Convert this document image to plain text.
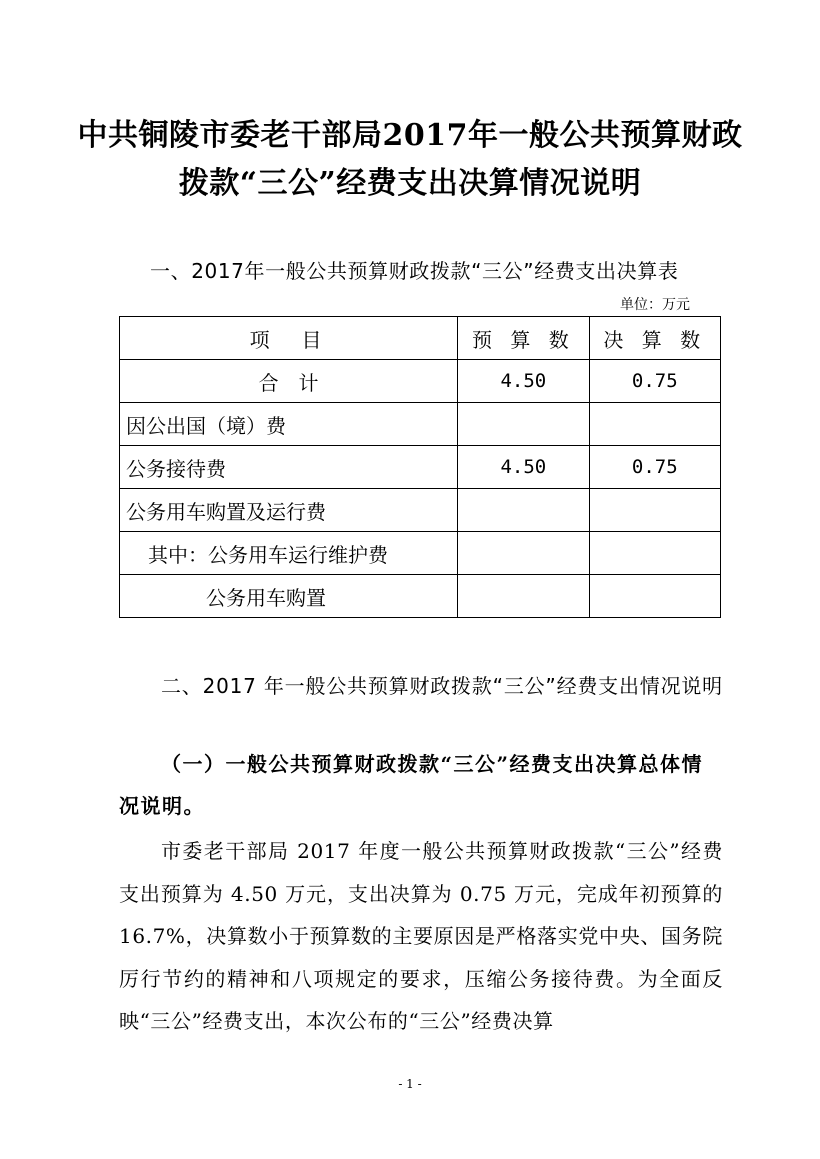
中共铜陵市委老干部局2017年一般公共预算财政
拨款“三公”经费支出决算情况说明
一、2017年一般公共预算财政拨款“三公”经费支出决算表
单位：万元
项　目	预 算 数	决 算 数
合　计	4.50	0.75
因公出国（境）费		
公务接待费	4.50	0.75
公务用车购置及运行费		
其中：公务用车运行维护费		
公务用车购置		
二、2017 年一般公共预算财政拨款“三公”经费支出情况说明
（一）一般公共预算财政拨款“三公”经费支出决算总体情况说明。
市委老干部局 2017 年度一般公共预算财政拨款“三公”经费支出预算为 4.50 万元，支出决算为 0.75 万元，完成年初预算的 16.7%，决算数小于预算数的主要原因是严格落实党中央、国务院厉行节约的精神和八项规定的要求，压缩公务接待费。为全面反映“三公”经费支出，本次公布的“三公”经费决算
- 1 -
